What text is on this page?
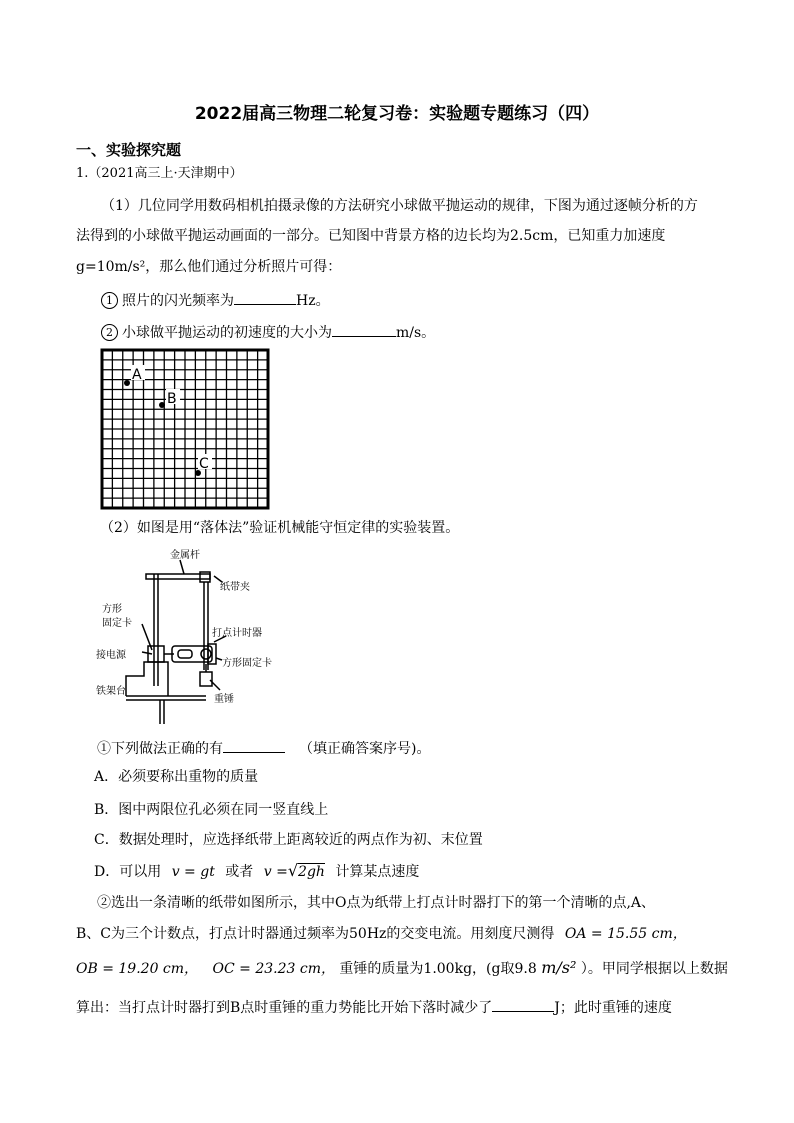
2022届高三物理二轮复习卷：实验题专题练习（四）
一、实验探究题
1.（2021高三上·天津期中）
（1）几位同学用数码相机拍摄录像的方法研究小球做平抛运动的规律，下图为通过逐帧分析的方
法得到的小球做平抛运动画面的一部分。已知图中背景方格的边长均为2.5cm，已知重力加速度
g=10m/s²，那么他们通过分析照片可得：
1 照片的闪光频率为	Hz。
2 小球做平抛运动的初速度的大小为	m/s。
A
B
C
（2）如图是用“落体法”验证机械能守恒定律的实验装置。
金属杆
纸带夹
方形
固定卡
打点计时器
接电源
方形固定卡
铁架台
重锤
①下列做法正确的有	（填正确答案序号)。
A．必须要称出重物的质量
B．图中两限位孔必须在同一竖直线上
C．数据处理时，应选择纸带上距离较近的两点作为初、末位置
D．可以用 v = gt 或者 v =√2gh 计算某点速度
②选出一条清晰的纸带如图所示，其中O点为纸带上打点计时器打下的第一个清晰的点,A、
B、C为三个计数点，打点计时器通过频率为50Hz的交变电流。用刻度尺测得 OA = 15.55 cm，
OB = 19.20 cm， OC = 23.23 cm， 重锤的质量为1.00kg，(g取9.8 m/s² ）。甲同学根据以上数据
算出：当打点计时器打到B点时重锤的重力势能比开始下落时减少了	J；此时重锤的速度
